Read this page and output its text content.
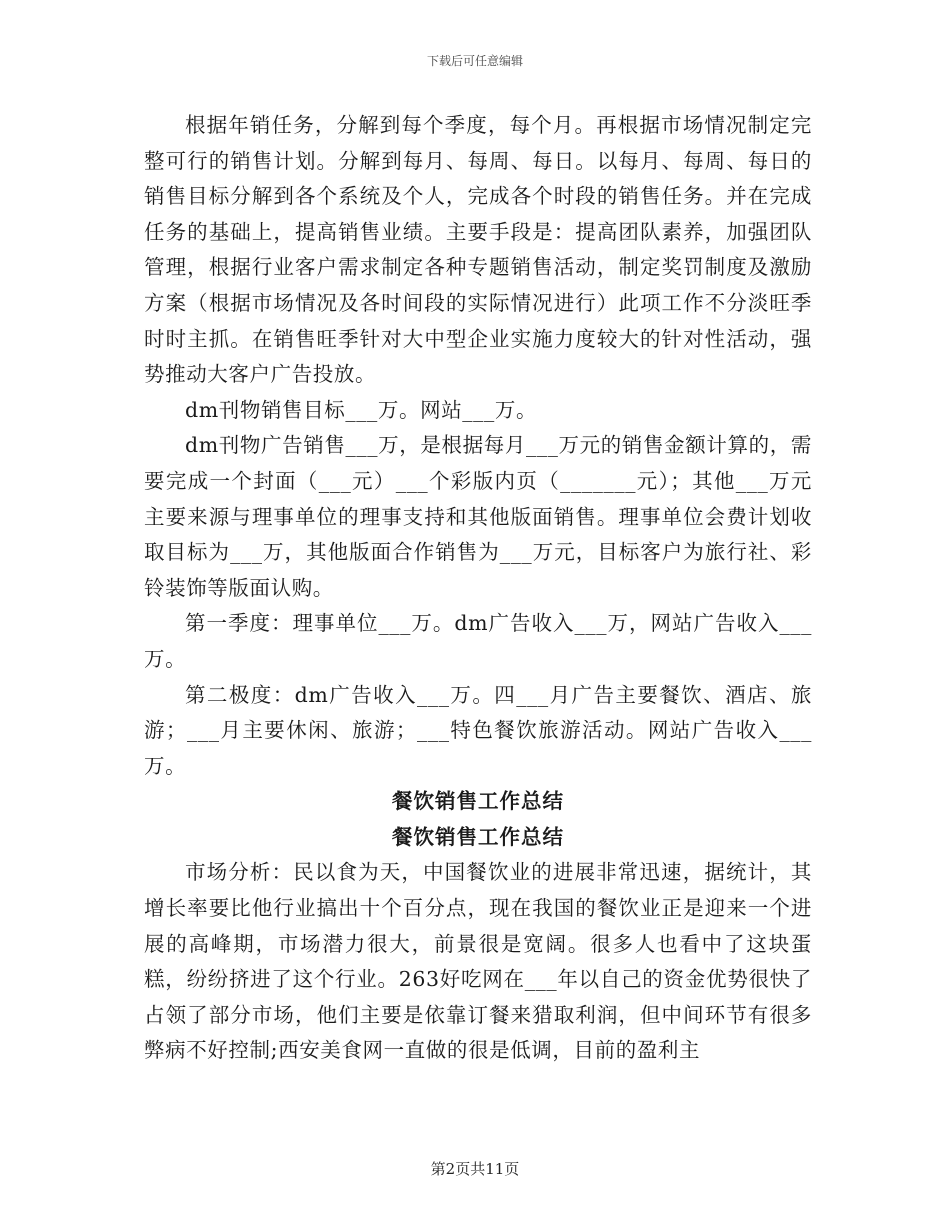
下载后可任意编辑

根据年销任务，分解到每个季度，每个月。再根据市场情况制定完整可行的销售计划。分解到每月、每周、每日。以每月、每周、每日的销售目标分解到各个系统及个人，完成各个时段的销售任务。并在完成任务的基础上，提高销售业绩。主要手段是：提高团队素养，加强团队管理，根据行业客户需求制定各种专题销售活动，制定奖罚制度及激励方案（根据市场情况及各时间段的实际情况进行）此项工作不分淡旺季时时主抓。在销售旺季针对大中型企业实施力度较大的针对性活动，强势推动大客户广告投放。

dm刊物销售目标___万。网站___万。

dm刊物广告销售___万，是根据每月___万元的销售金额计算的，需要完成一个封面（___元）___个彩版内页（_______元）；其他___万元主要来源与理事单位的理事支持和其他版面销售。理事单位会费计划收取目标为___万，其他版面合作销售为___万元，目标客户为旅行社、彩铃装饰等版面认购。

第一季度：理事单位___万。dm广告收入___万，网站广告收入___万。

第二极度：dm广告收入___万。四___月广告主要餐饮、酒店、旅游；___月主要休闲、旅游；___特色餐饮旅游活动。网站广告收入___万。

餐饮销售工作总结

餐饮销售工作总结

市场分析：民以食为天，中国餐饮业的进展非常迅速，据统计，其增长率要比他行业搞出十个百分点，现在我国的餐饮业正是迎来一个进展的高峰期，市场潜力很大，前景很是宽阔。很多人也看中了这块蛋糕，纷纷挤进了这个行业。263好吃网在___年以自己的资金优势很快了占领了部分市场，他们主要是依靠订餐来猎取利润，但中间环节有很多弊病不好控制;西安美食网一直做的很是低调，目前的盈利主

第2页共11页
